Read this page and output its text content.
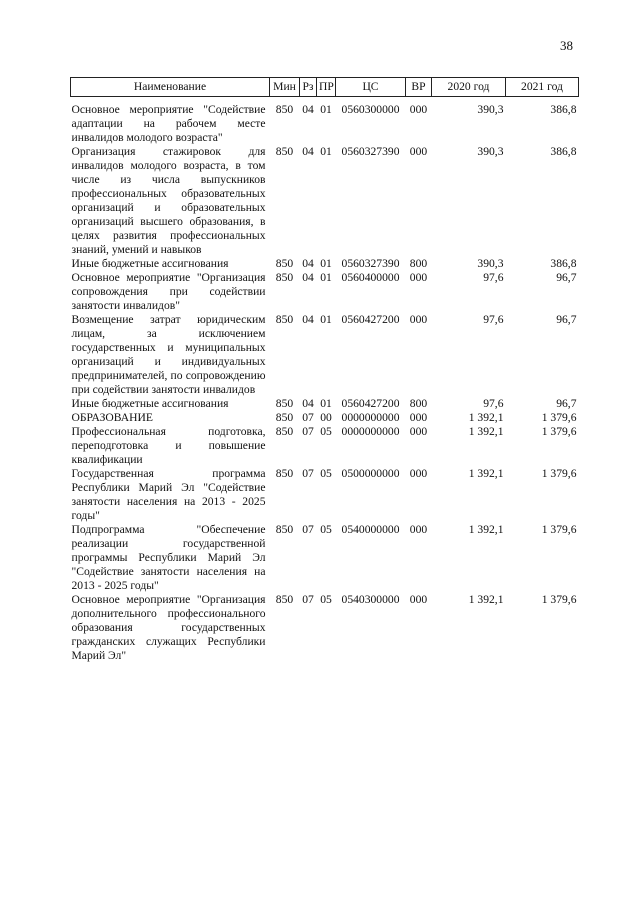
38
Наименование	Мин	Рз	ПР	ЦС	ВР	2020 год	2021 год
Основное мероприятие "Содействие адаптации на рабочем месте инвалидов молодого возраста"	850	04	01	0560300000	000	390,3	386,8
Организация стажировок для инвалидов молодого возраста, в том числе из числа выпускников профессиональных образовательных организаций и образовательных организаций высшего образования, в целях развития профессиональных знаний, умений и навыков	850	04	01	0560327390	000	390,3	386,8
Иные бюджетные ассигнования	850	04	01	0560327390	800	390,3	386,8
Основное мероприятие "Организация сопровождения при содействии занятости инвалидов"	850	04	01	0560400000	000	97,6	96,7
Возмещение затрат юридическим лицам, за исключением государственных и муниципальных организаций и индивидуальных предпринимателей, по сопровождению при содействии занятости инвалидов	850	04	01	0560427200	000	97,6	96,7
Иные бюджетные ассигнования	850	04	01	0560427200	800	97,6	96,7
ОБРАЗОВАНИЕ	850	07	00	0000000000	000	1 392,1	1 379,6
Профессиональная подготовка, переподготовка и повышение квалификации	850	07	05	0000000000	000	1 392,1	1 379,6
Государственная программа Республики Марий Эл "Содействие занятости населения на 2013 - 2025 годы"	850	07	05	0500000000	000	1 392,1	1 379,6
Подпрограмма "Обеспечение реализации государственной программы Республики Марий Эл "Содействие занятости населения на 2013 - 2025 годы"	850	07	05	0540000000	000	1 392,1	1 379,6
Основное мероприятие "Организация дополнительного профессионального образования государственных гражданских служащих Республики Марий Эл"	850	07	05	0540300000	000	1 392,1	1 379,6
